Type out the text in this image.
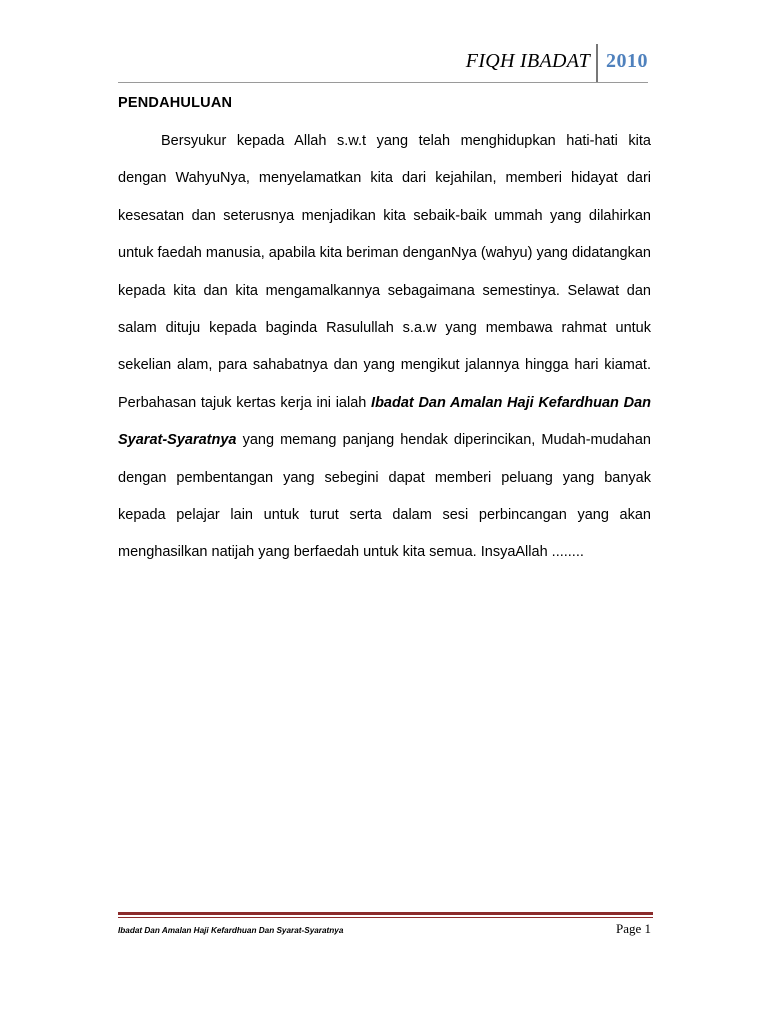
FIQH IBADAT 2010
PENDAHULUAN

Bersyukur kepada Allah s.w.t yang telah menghidupkan hati-hati kita dengan WahyuNya, menyelamatkan kita dari kejahilan, memberi hidayat dari kesesatan dan seterusnya menjadikan kita sebaik-baik ummah yang dilahirkan untuk faedah manusia, apabila kita beriman denganNya (wahyu) yang didatangkan kepada kita dan kita mengamalkannya sebagaimana semestinya. Selawat dan salam dituju kepada baginda Rasulullah s.a.w yang membawa rahmat untuk sekelian alam, para sahabatnya dan yang mengikut jalannya hingga hari kiamat. Perbahasan tajuk kertas kerja ini ialah Ibadat Dan Amalan Haji Kefardhuan Dan Syarat-Syaratnya yang memang panjang hendak diperincikan, Mudah-mudahan dengan pembentangan yang sebegini dapat memberi peluang yang banyak kepada pelajar lain untuk turut serta dalam sesi perbincangan yang akan menghasilkan natijah yang berfaedah untuk kita semua. InsyaAllah ........

Ibadat Dan Amalan Haji Kefardhuan Dan Syarat-Syaratnya	Page 1
